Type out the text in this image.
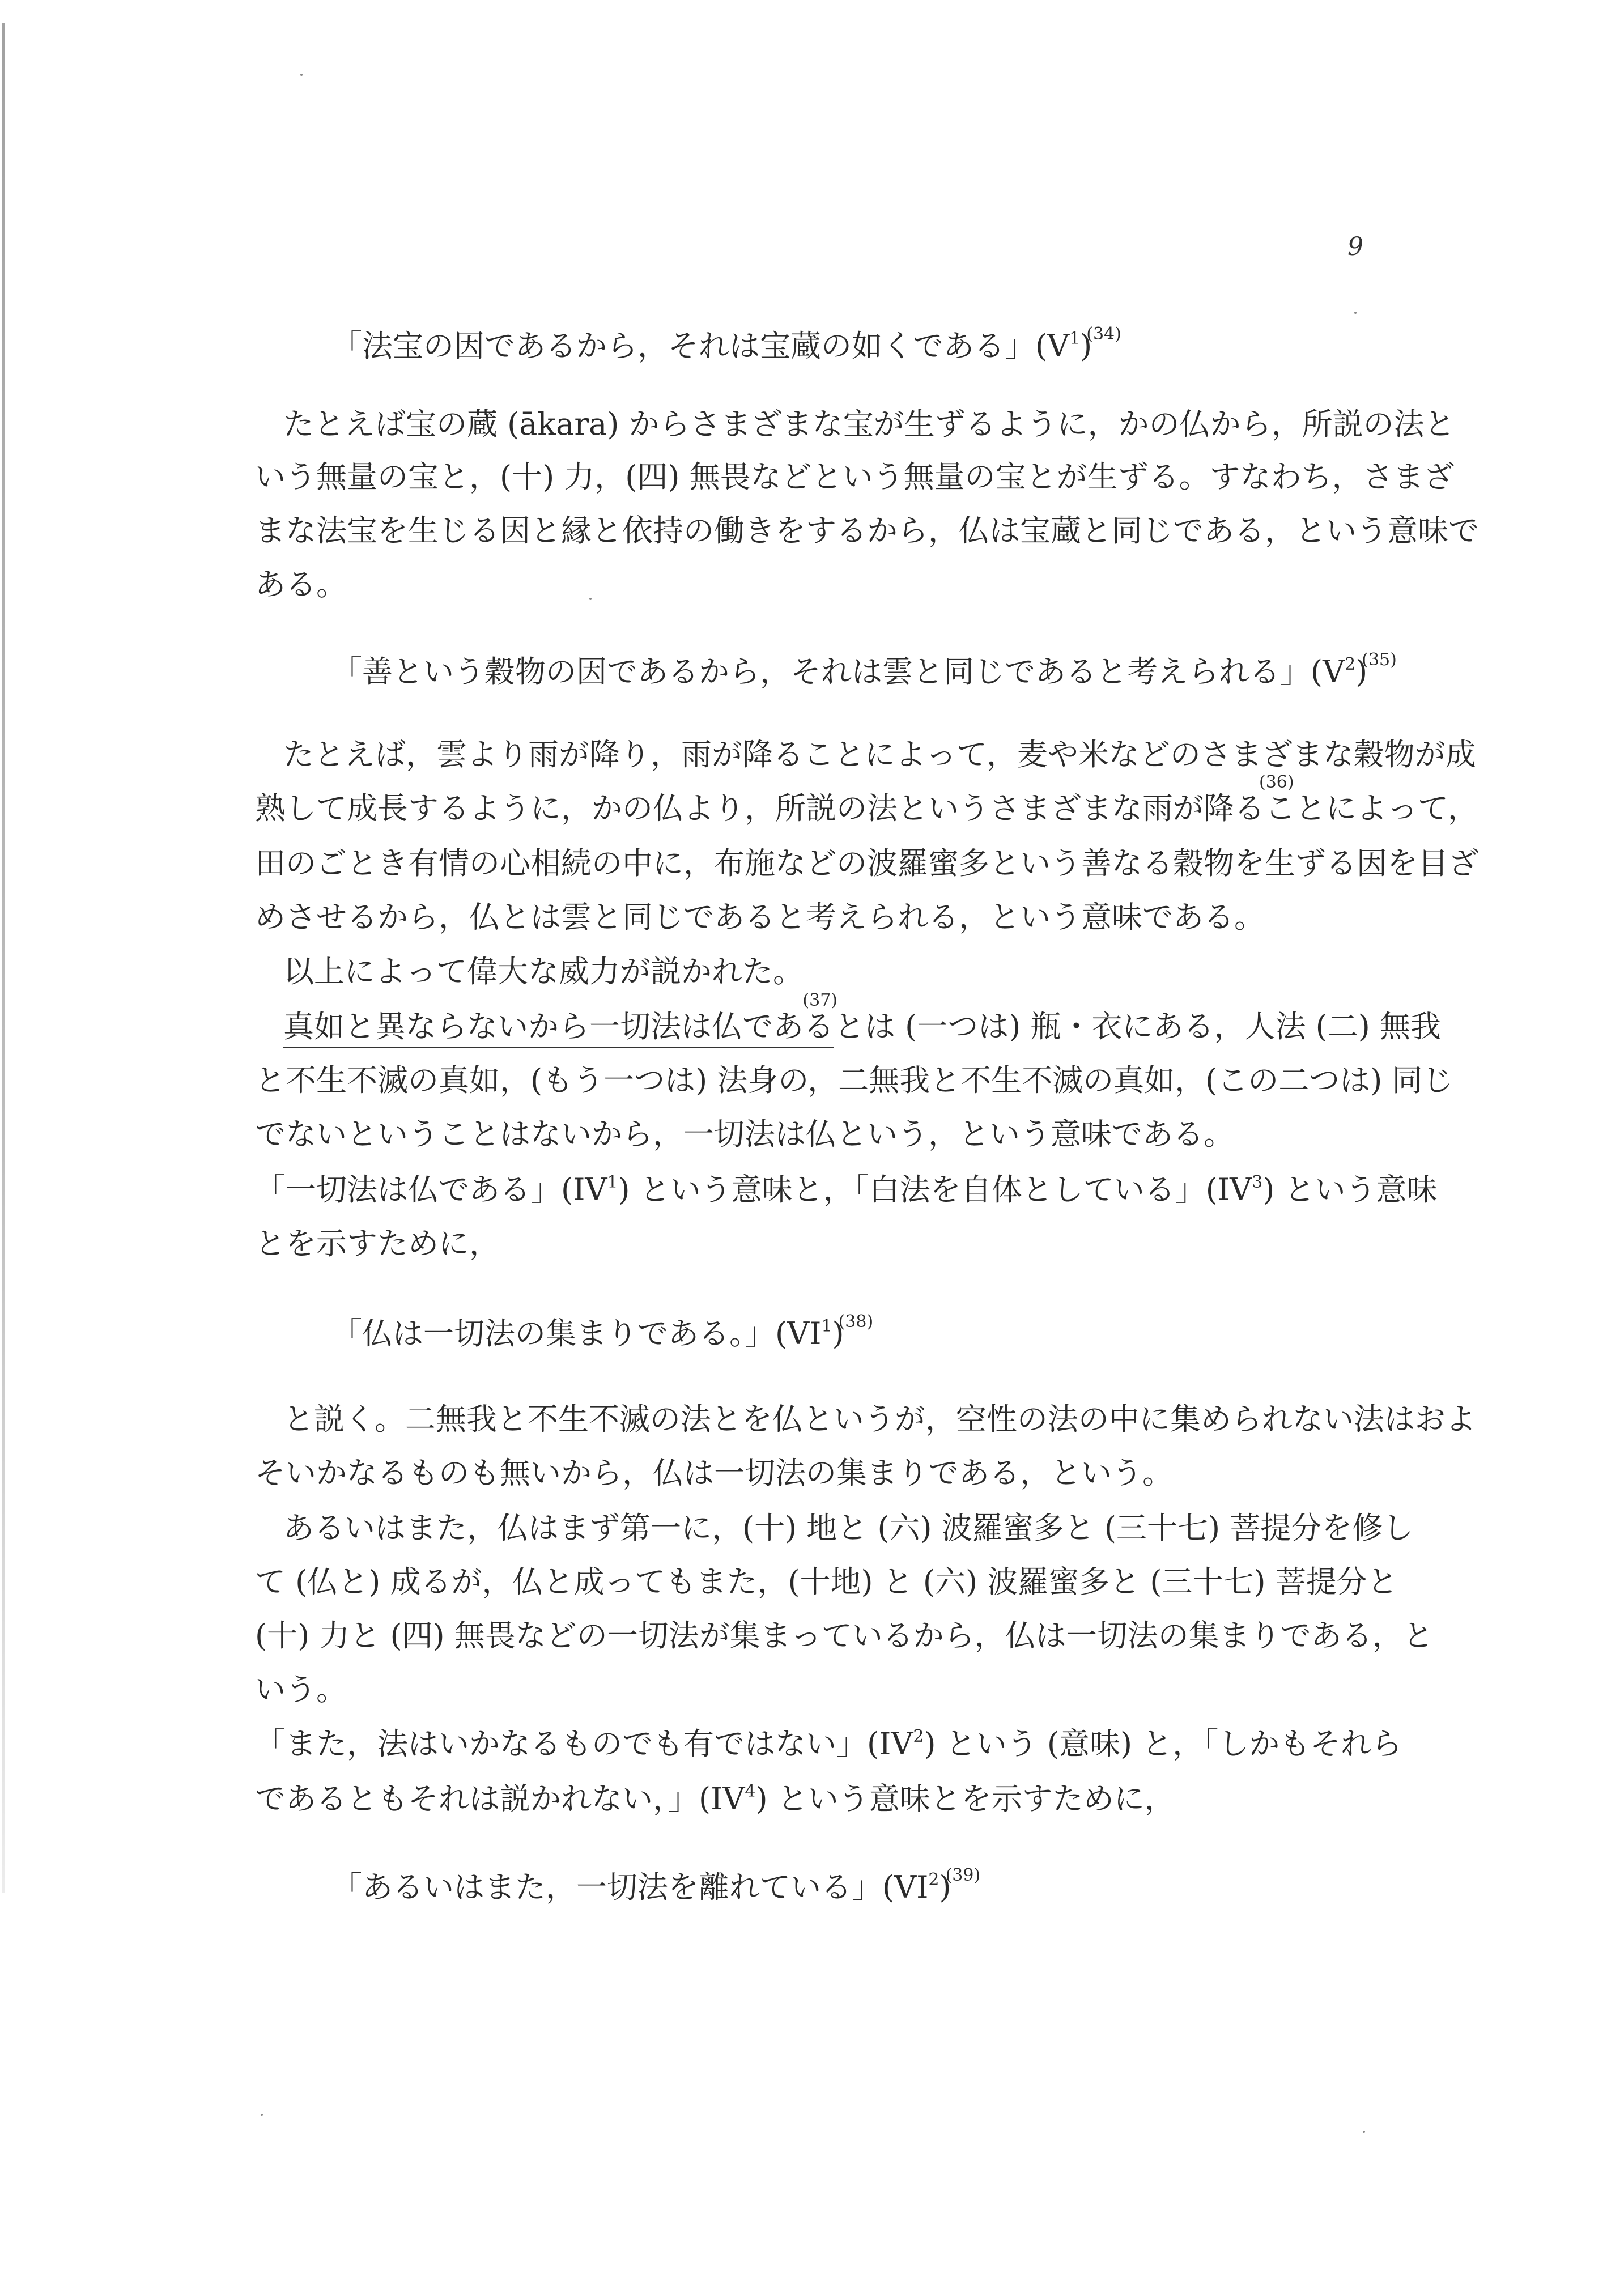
9
「法宝の因であるから，それは宝蔵の如くである」$(V^1)^{(34)}$
たとえば宝の蔵 (ākara) からさまざまな宝が生ずるように，かの仏から，所説の法と
いう無量の宝と，(十) 力，(四) 無畏などという無量の宝とが生ずる。すなわち，さまざ
まな法宝を生じる因と縁と依持の働きをするから，仏は宝蔵と同じである，という意味で
ある。
「善という穀物の因であるから，それは雲と同じであると考えられる」$(V^2)^{(35)}$
たとえば，雲より雨が降り，雨が降ることによって，麦や米などのさまざまな穀物が成
熟して成長するように，かの仏より，所説の法というさまざまな雨が降る
(36)
ことによって，
田のごとき有情の心相続の中に，布施などの波羅蜜多という善なる穀物を生ずる因を目ざ
めさせるから，仏とは雲と同じであると考えられる，という意味である。
以上によって偉大な威力が説かれた。
真如と異ならないから一切法は仏である
(37)
とは (一つは) 瓶・衣にある，人法 (二) 無我
と不生不滅の真如，(もう一つは) 法身の，二無我と不生不滅の真如，(この二つは) 同じ
でないということはないから，一切法は仏という，という意味である。
「一切法は仏である」$(IV^1)$ という意味と，「白法を自体としている」$(IV^3)$ という意味
とを示すために，
「仏は一切法の集まりである。」$(VI^1)^{(38)}$
と説く。二無我と不生不滅の法とを仏というが，空性の法の中に集められない法はおよ
そいかなるものも無いから，仏は一切法の集まりである，という。
あるいはまた，仏はまず第一に，(十) 地と (六) 波羅蜜多と (三十七) 菩提分を修し
て (仏と) 成るが，仏と成ってもまた，(十地) と (六) 波羅蜜多と (三十七) 菩提分と
(十) 力と (四) 無畏などの一切法が集まっているから，仏は一切法の集まりである，と
いう。
「また，法はいかなるものでも有ではない」$(IV^2)$ という (意味) と，「しかもそれら
であるともそれは説かれない，」$(IV^4)$ という意味とを示すために，
「あるいはまた，一切法を離れている」$(VI^2)^{(39)}$
